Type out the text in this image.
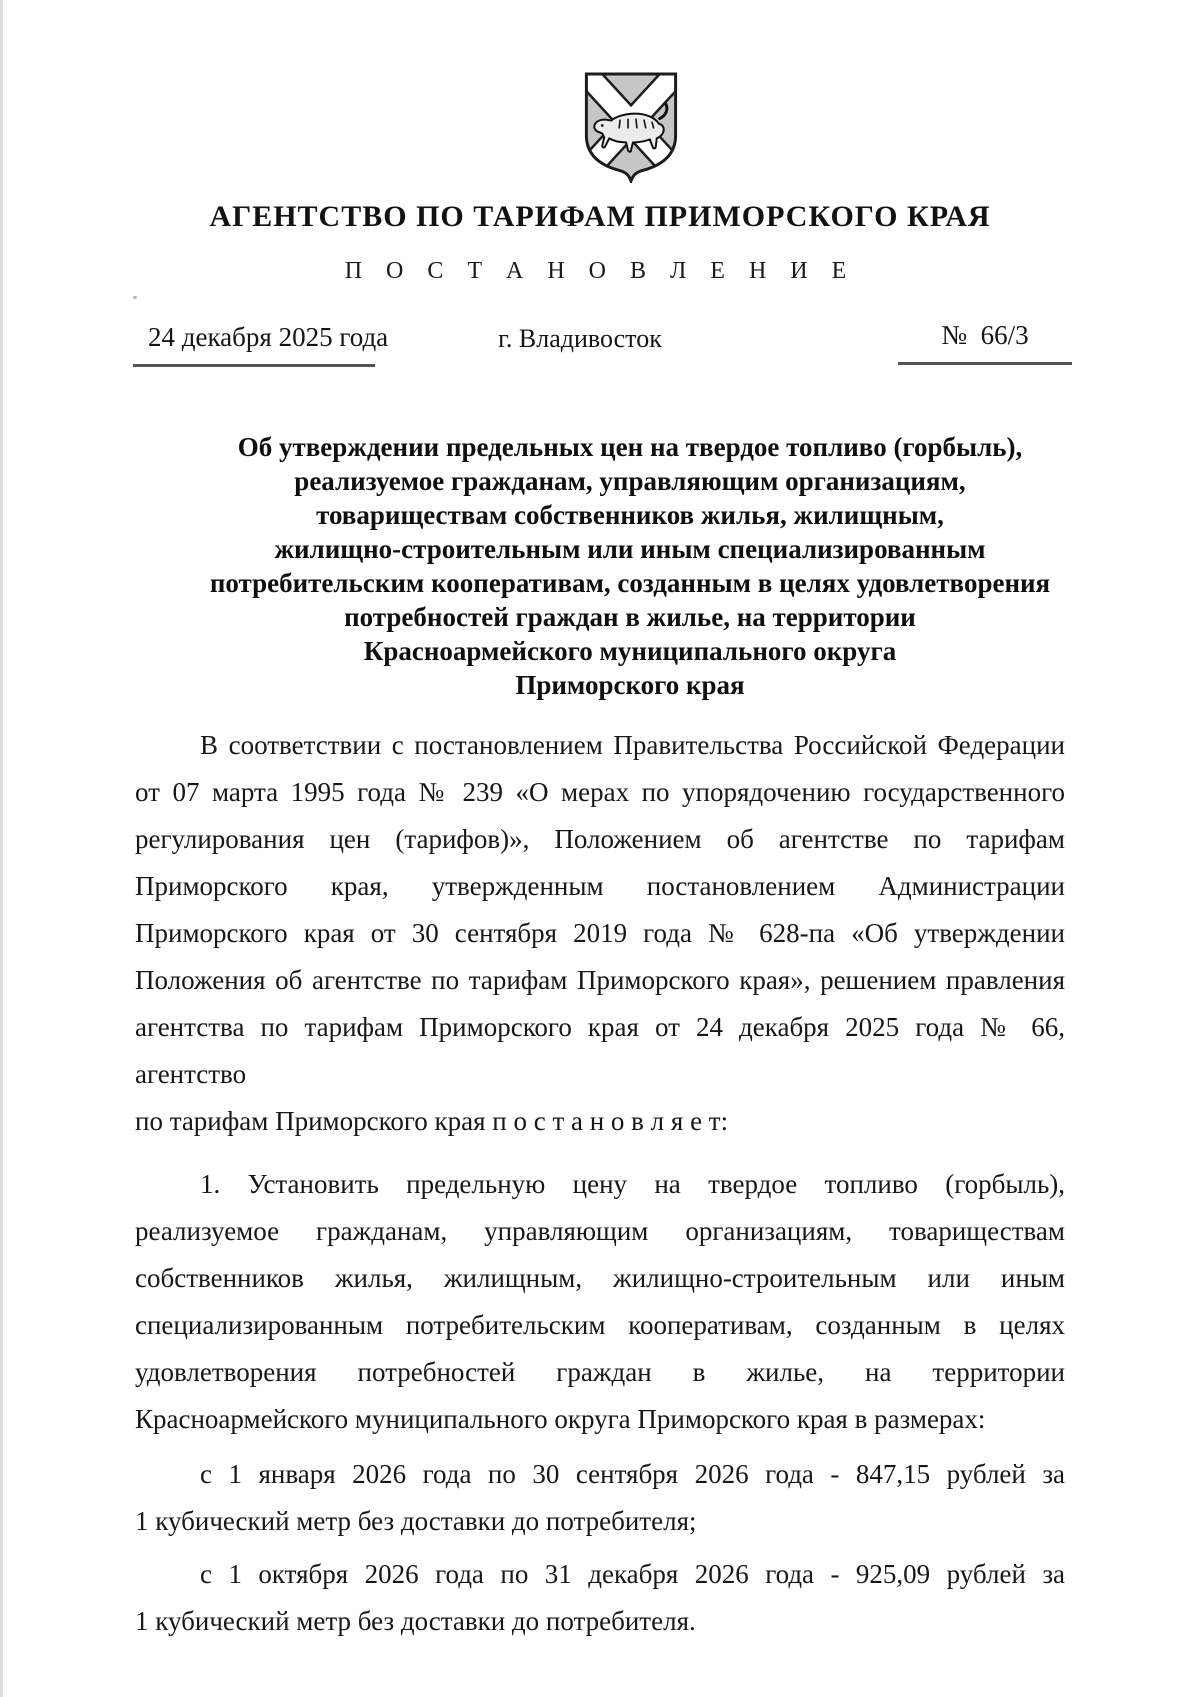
АГЕНТСТВО ПО ТАРИФАМ ПРИМОРСКОГО КРАЯ
П О С Т А Н О В Л Е Н И Е
24 декабря 2025 года	г. Владивосток	№  66/3
Об утверждении предельных цен на твердое топливо (горбыль),
реализуемое гражданам, управляющим организациям,
товариществам собственников жилья, жилищным,
жилищно-строительным или иным специализированным
потребительским кооперативам, созданным в целях удовлетворения
потребностей граждан в жилье, на территории
Красноармейского муниципального округа
Приморского края
В соответствии с постановлением Правительства Российской Федерации
от 07 марта 1995 года № 239 «О мерах по упорядочению государственного
регулирования цен (тарифов)», Положением об агентстве по тарифам
Приморского края, утвержденным постановлением Администрации
Приморского края от 30 сентября 2019 года № 628-па «Об утверждении
Положения об агентстве по тарифам Приморского края», решением правления
агентства по тарифам Приморского края от 24 декабря 2025 года № 66, агентство
по тарифам Приморского края п о с т а н о в л я е т:
1. Установить предельную цену на твердое топливо (горбыль),
реализуемое гражданам, управляющим организациям, товариществам
собственников жилья, жилищным, жилищно-строительным или иным
специализированным потребительским кооперативам, созданным в целях
удовлетворения потребностей граждан в жилье, на территории
Красноармейского муниципального округа Приморского края в размерах:
с 1 января 2026 года по 30 сентября 2026 года - 847,15 рублей за
1 кубический метр без доставки до потребителя;
с 1 октября 2026 года по 31 декабря 2026 года - 925,09 рублей за
1 кубический метр без доставки до потребителя.
